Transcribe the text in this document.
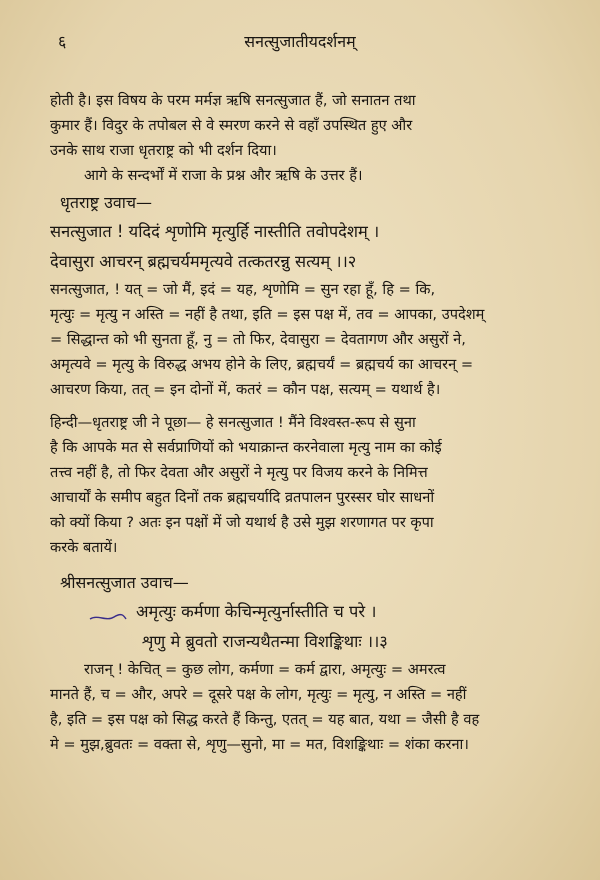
६	सनत्सुजातीयदर्शनम्
होती है। इस विषय के परम मर्मज्ञ ऋषि सनत्सुजात हैं, जो सनातन तथा
कुमार हैं। विदुर के तपोबल से वे स्मरण करने से वहाँ उपस्थित हुए और
उनके साथ राजा धृतराष्ट्र को भी दर्शन दिया।
आगे के सन्दर्भों में राजा के प्रश्न और ऋषि के उत्तर हैं।
धृतराष्ट्र उवाच—
सनत्सुजात ! यदिदं शृणोमि मृत्युर्हि नास्तीति तवोपदेशम् ।
देवासुरा आचरन् ब्रह्मचर्यममृत्यवे तत्कतरन्नु सत्यम् ।।२
सनत्सुजात, ! यत् = जो मैं, इदं = यह, शृणोमि = सुन रहा हूँ, हि = कि,
मृत्युः = मृत्यु न अस्ति = नहीं है तथा, इति = इस पक्ष में, तव = आपका, उपदेशम्
= सिद्धान्त को भी सुनता हूँ, नु = तो फिर, देवासुरा = देवतागण और असुरों ने,
अमृत्यवे = मृत्यु के विरुद्ध अभय होने के लिए, ब्रह्मचर्यं = ब्रह्मचर्य का आचरन् =
आचरण किया, तत् = इन दोनों में, कतरं = कौन पक्ष, सत्यम् = यथार्थ है।
हिन्दी—धृतराष्ट्र जी ने पूछा— हे सनत्सुजात ! मैंने विश्वस्त-रूप से सुना
है कि आपके मत से सर्वप्राणियों को भयाक्रान्त करनेवाला मृत्यु नाम का कोई
तत्त्व नहीं है, तो फिर देवता और असुरों ने मृत्यु पर विजय करने के निमित्त
आचार्यों के समीप बहुत दिनों तक ब्रह्मचर्यादि व्रतपालन पुरस्सर घोर साधनों
को क्यों किया ? अतः इन पक्षों में जो यथार्थ है उसे मुझ शरणागत पर कृपा
करके बतायें।
श्रीसनत्सुजात उवाच—
अमृत्युः कर्मणा केचिन्मृत्युर्नास्तीति च परे ।
शृणु मे ब्रुवतो राजन्यथैतन्मा विशङ्किथाः ।।३
राजन् ! केचित् = कुछ लोग, कर्मणा = कर्म द्वारा, अमृत्युः = अमरत्व
मानते हैं, च = और, अपरे = दूसरे पक्ष के लोग, मृत्युः = मृत्यु, न अस्ति = नहीं
है, इति = इस पक्ष को सिद्ध करते हैं किन्तु, एतत् = यह बात, यथा = जैसी है वह
मे = मुझ,ब्रुवतः = वक्ता से, शृणु—सुनो, मा = मत, विशङ्किथाः = शंका करना।
